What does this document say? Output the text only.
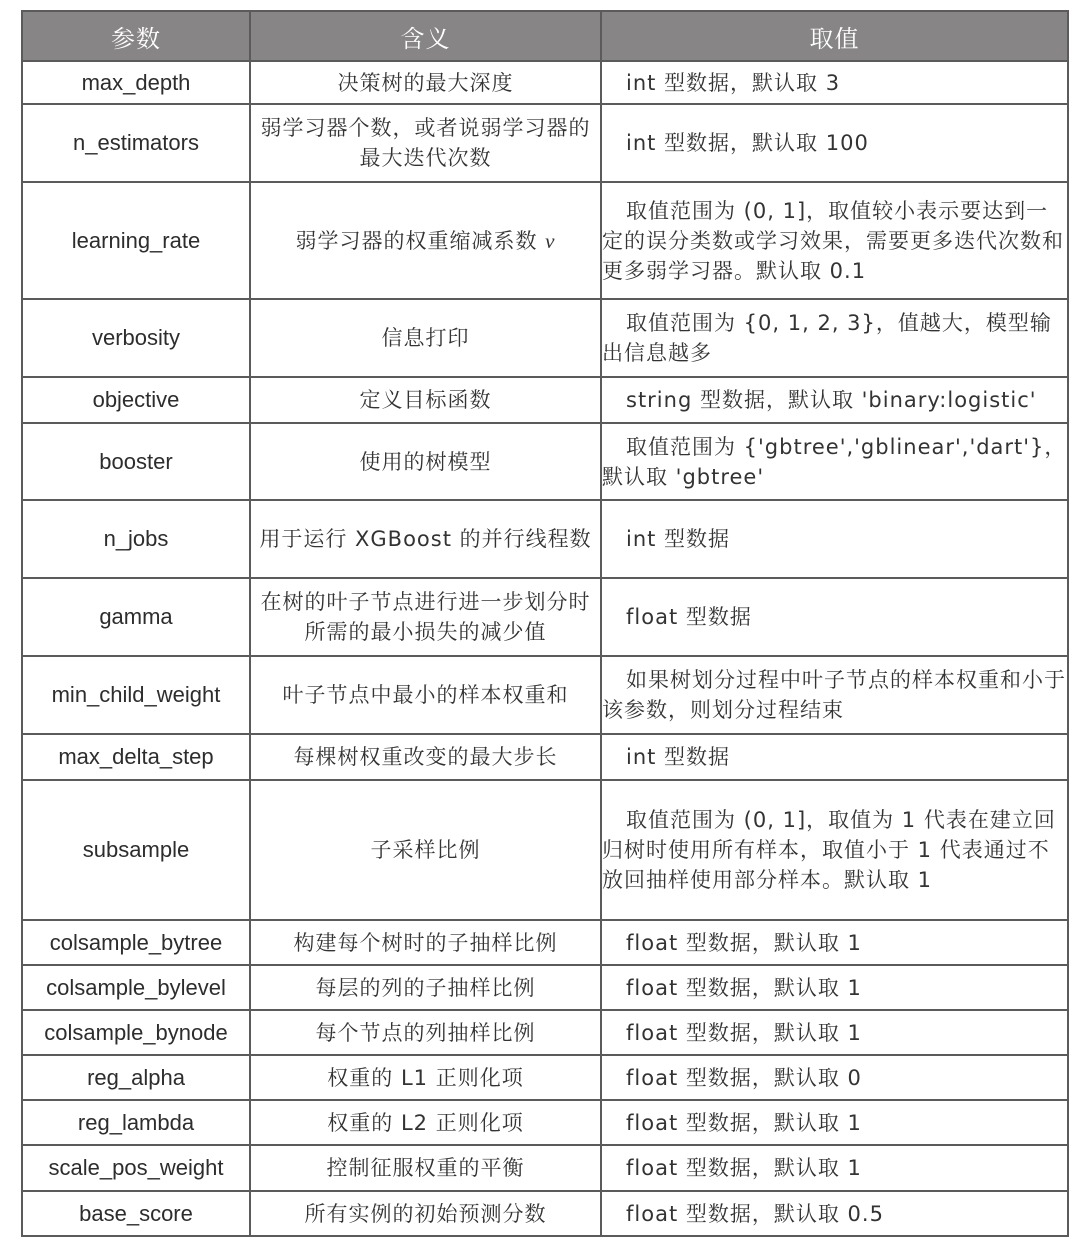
参数	含义	取值
max_depth	决策树的最大深度	int 型数据，默认取 3

n_estimators	弱学习器个数，或者说弱学习器的最大迭代次数	int 型数据，默认取 100

learning_rate	弱学习器的权重缩减系数 v	取值范围为 (0, 1]，取值较小表示要达到一定的误分类数或学习效果，需要更多迭代次数和更多弱学习器。默认取 0.1

verbosity	信息打印	取值范围为 {0, 1, 2, 3}，值越大，模型输出信息越多

objective	定义目标函数	string 型数据，默认取 'binary:logistic'

booster	使用的树模型	取值范围为 {'gbtree','gblinear','dart'}，默认取 'gbtree'

n_jobs	用于运行 XGBoost 的并行线程数	int 型数据

gamma	在树的叶子节点进行进一步划分时所需的最小损失的减少值	float 型数据

min_child_weight	叶子节点中最小的样本权重和	如果树划分过程中叶子节点的样本权重和小于该参数，则划分过程结束

max_delta_step	每棵树权重改变的最大步长	int 型数据

subsample	子采样比例	取值范围为 (0, 1]，取值为 1 代表在建立回归树时使用所有样本，取值小于 1 代表通过不放回抽样使用部分样本。默认取 1

colsample_bytree	构建每个树时的子抽样比例	float 型数据，默认取 1

colsample_bylevel	每层的列的子抽样比例	float 型数据，默认取 1

colsample_bynode	每个节点的列抽样比例	float 型数据，默认取 1

reg_alpha	权重的 L1 正则化项	float 型数据，默认取 0

reg_lambda	权重的 L2 正则化项	float 型数据，默认取 1

scale_pos_weight	控制征服权重的平衡	float 型数据，默认取 1

base_score	所有实例的初始预测分数	float 型数据，默认取 0.5
